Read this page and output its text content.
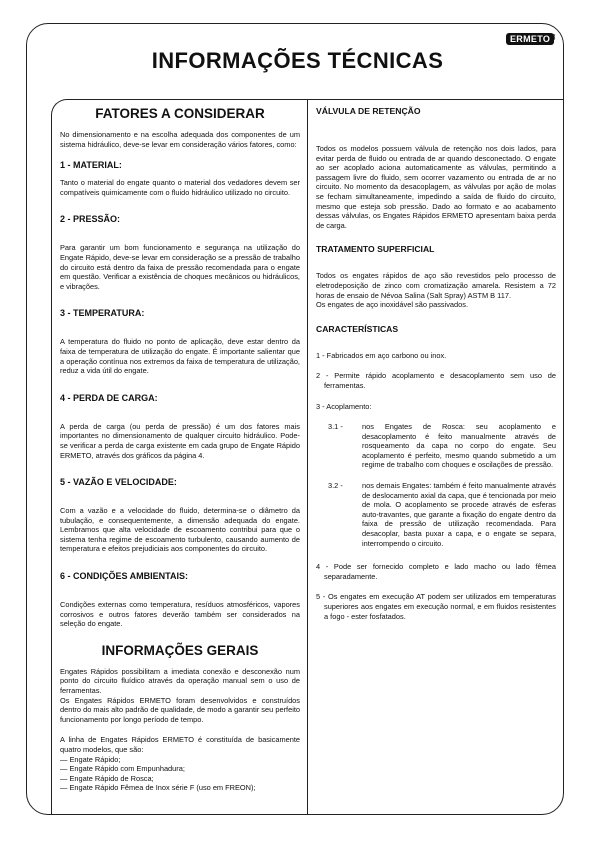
ERMETO 3
INFORMAÇÕES TÉCNICAS
FATORES A CONSIDERAR

No dimensionamento e na escolha adequada dos componentes de um sistema hidráulico, deve-se levar em consideração vários fatores, como:

1 - MATERIAL:

Tanto o material do engate quanto o material dos vedadores devem ser compatíveis quimicamente com o fluido hidráulico utilizado no circuito.

2 - PRESSÃO:

Para garantir um bom funcionamento e segurança na utilização do Engate Rápido, deve-se levar em consideração se a pressão de trabalho do circuito está dentro da faixa de pressão recomendada para o engate em questão. Verificar a existência de choques mecânicos ou hidráulicos, e vibrações.

3 - TEMPERATURA:

A temperatura do fluido no ponto de aplicação, deve estar dentro da faixa de temperatura de utilização do engate. É importante salientar que a operação contínua nos extremos da faixa de temperatura de utilização, reduz a vida útil do engate.

4 - PERDA DE CARGA:

A perda de carga (ou perda de pressão) é um dos fatores mais importantes no dimensionamento de qualquer circuito hidráulico. Pode-se verificar a perda de carga existente em cada grupo de Engate Rápido ERMETO, através dos gráficos da página 4.

5 - VAZÃO E VELOCIDADE:

Com a vazão e a velocidade do fluido, determina-se o diâmetro da tubulação, e consequentemente, a dimensão adequada do engate. Lembramos que alta velocidade de escoamento contribui para que o sistema tenha regime de escoamento turbulento, causando aumento de temperatura e efeitos prejudiciais aos componentes do circuito.

6 - CONDIÇÕES AMBIENTAIS:

Condições externas como temperatura, resíduos atmosféricos, vapores corrosivos e outros fatores deverão também ser considerados na seleção do engate.

INFORMAÇÕES GERAIS

Engates Rápidos possibilitam a imediata conexão e desconexão num ponto do circuito fluídico através da operação manual sem o uso de ferramentas.

Os Engates Rápidos ERMETO foram desenvolvidos e construídos dentro do mais alto padrão de qualidade, de modo a garantir seu perfeito funcionamento por longo período de tempo.

A linha de Engates Rápidos ERMETO é constituída de basicamente quatro modelos, que são:

— Engate Rápido;

— Engate Rápido com Empunhadura;

— Engate Rápido de Rosca;

— Engate Rápido Fêmea de Inox série F (uso em FREON);

VÁLVULA DE RETENÇÃO

Todos os modelos possuem válvula de retenção nos dois lados, para evitar perda de fluido ou entrada de ar quando desconectado. O engate ao ser acoplado aciona automaticamente as válvulas, permitindo a passagem livre do fluido, sem ocorrer vazamento ou entrada de ar no circuito. No momento da desacoplagem, as válvulas por ação de molas se fecham simultaneamente, impedindo a saída de fluido do circuito, mesmo que esteja sob pressão. Dado ao formato e ao acabamento dessas válvulas, os Engates Rápidos ERMETO apresentam baixa perda de carga.

TRATAMENTO SUPERFICIAL

Todos os engates rápidos de aço são revestidos pelo processo de eletrodeposição de zinco com cromatização amarela. Resistem a 72 horas de ensaio de Névoa Salina (Salt Spray) ASTM B 117.

Os engates de aço inoxidável são passivados.

CARACTERÍSTICAS

1 - Fabricados em aço carbono ou inox.

2 - Permite rápido acoplamento e desacoplamento sem uso de ferramentas.

3 - Acoplamento:

3.1 -	nos Engates de Rosca: seu acoplamento e desacoplamento é feito manualmente através de rosqueamento da capa no corpo do engate. Seu acoplamento é perfeito, mesmo quando submetido a um regime de trabalho com choques e oscilações de pressão.
3.2 -	nos demais Engates: também é feito manualmente através de deslocamento axial da capa, que é tencionada por meio de mola. O acoplamento se procede através de esferas auto-travantes, que garante a fixação do engate dentro da faixa de pressão de utilização recomendada. Para desacoplar, basta puxar a capa, e o engate se separa, interrompendo o circuito.

4 - Pode ser fornecido completo e lado macho ou lado fêmea separadamente.

5 - Os engates em execução AT podem ser utilizados em temperaturas superiores aos engates em execução normal, e em fluidos resistentes a fogo - ester fosfatados.
